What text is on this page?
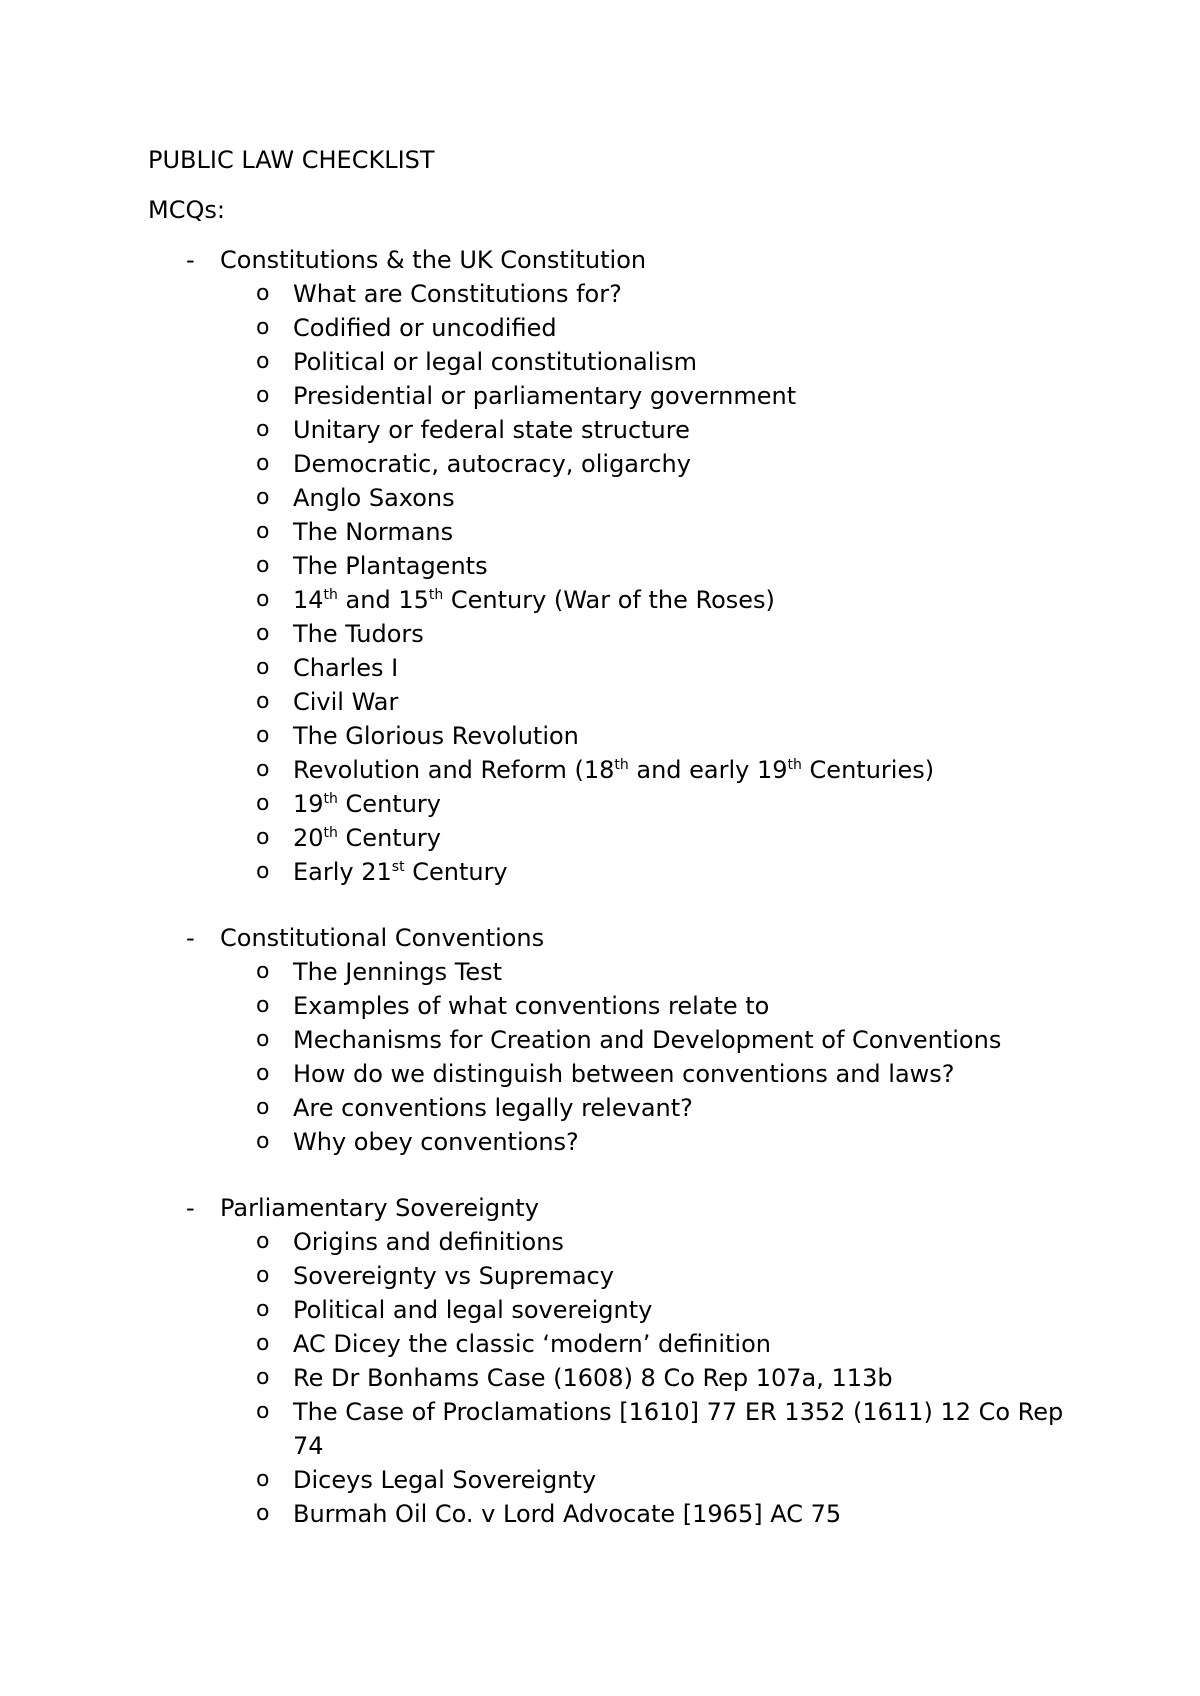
PUBLIC LAW CHECKLIST
MCQs:
-	Constitutions & the UK Constitution
o What are Constitutions for?
o Codified or uncodified
o Political or legal constitutionalism
o Presidential or parliamentary government
o Unitary or federal state structure
o Democratic, autocracy, oligarchy
o Anglo Saxons
o The Normans
o The Plantagents
o 14th and 15th Century (War of the Roses)
o The Tudors
o Charles I
o Civil War
o The Glorious Revolution
o Revolution and Reform (18th and early 19th Centuries)
o 19th Century
o 20th Century
o Early 21st Century
-	Constitutional Conventions
o The Jennings Test
o Examples of what conventions relate to
o Mechanisms for Creation and Development of Conventions
o How do we distinguish between conventions and laws?
o Are conventions legally relevant?
o Why obey conventions?
-	Parliamentary Sovereignty
o Origins and definitions
o Sovereignty vs Supremacy
o Political and legal sovereignty
o AC Dicey the classic ‘modern’ definition
o Re Dr Bonhams Case (1608) 8 Co Rep 107a, 113b
o The Case of Proclamations [1610] 77 ER 1352 (1611) 12 Co Rep 74
o Diceys Legal Sovereignty
o Burmah Oil Co. v Lord Advocate [1965] AC 75
